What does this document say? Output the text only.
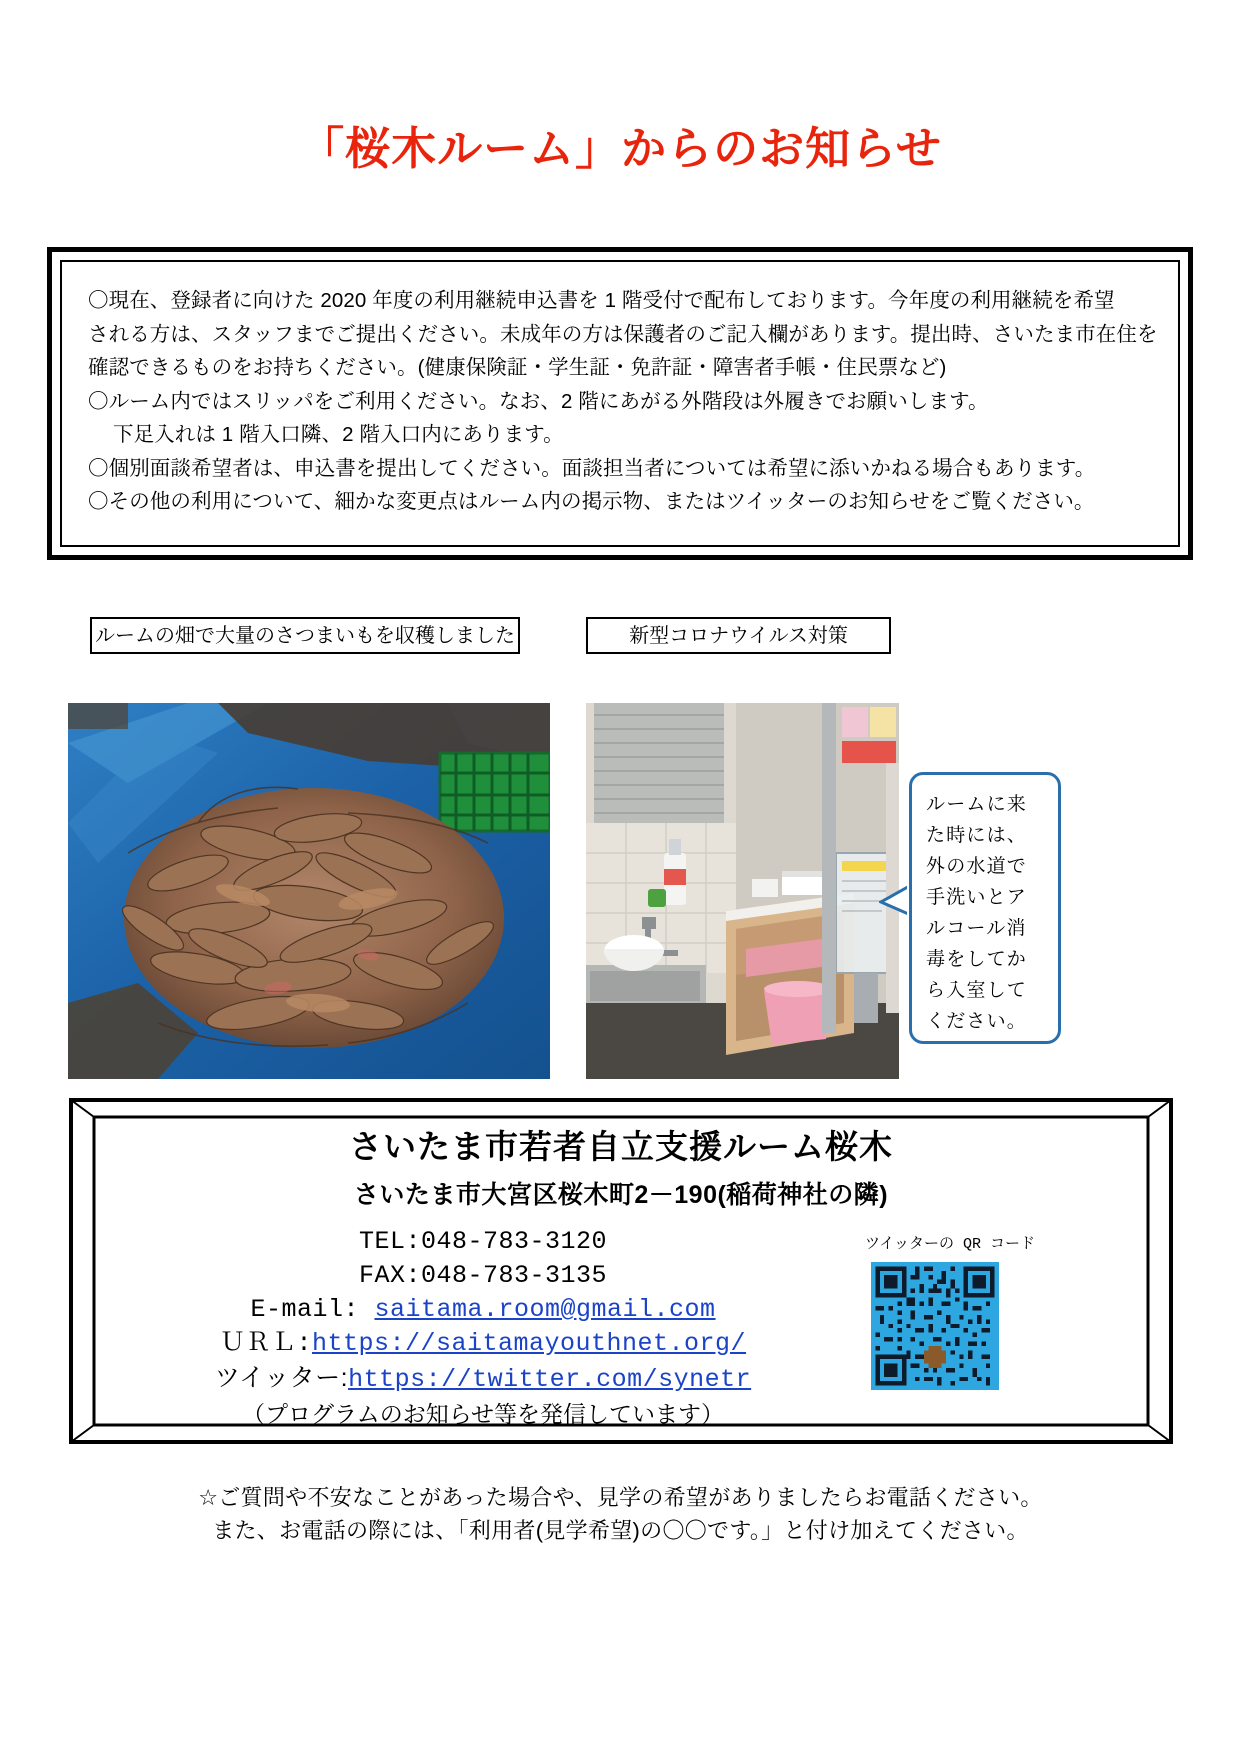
「桜木ルーム」からのお知らせ
〇現在、登録者に向けた 2020 年度の利用継続申込書を 1 階受付で配布しております。今年度の利用継続を希望
される方は、スタッフまでご提出ください。未成年の方は保護者のご記入欄があります。提出時、さいたま市在住を
確認できるものをお持ちください。(健康保険証・学生証・免許証・障害者手帳・住民票など)
〇ルーム内ではスリッパをご利用ください。なお、2 階にあがる外階段は外履きでお願いします。
下足入れは 1 階入口隣、2 階入口内にあります。
〇個別面談希望者は、申込書を提出してください。面談担当者については希望に添いかねる場合もあります。
〇その他の利用について、細かな変更点はルーム内の掲示物、またはツイッターのお知らせをご覧ください。
ルームの畑で大量のさつまいもを収穫しました	新型コロナウイルス対策
ルームに来た時には、外の水道で手洗いとアルコール消毒をしてから入室してください。
さいたま市若者自立支援ルーム桜木
さいたま市大宮区桜木町2－190(稲荷神社の隣)
TEL:048-783-3120
FAX:048-783-3135
E-mail: saitama.room@gmail.com
ＵＲＬ:https://saitamayouthnet.org/
ツイッター:https://twitter.com/synetr
（プログラムのお知らせ等を発信しています）
ツイッターの QR コード
☆ご質問や不安なことがあった場合や、見学の希望がありましたらお電話ください。
また、お電話の際には、「利用者(見学希望)の〇〇です。」と付け加えてください。
